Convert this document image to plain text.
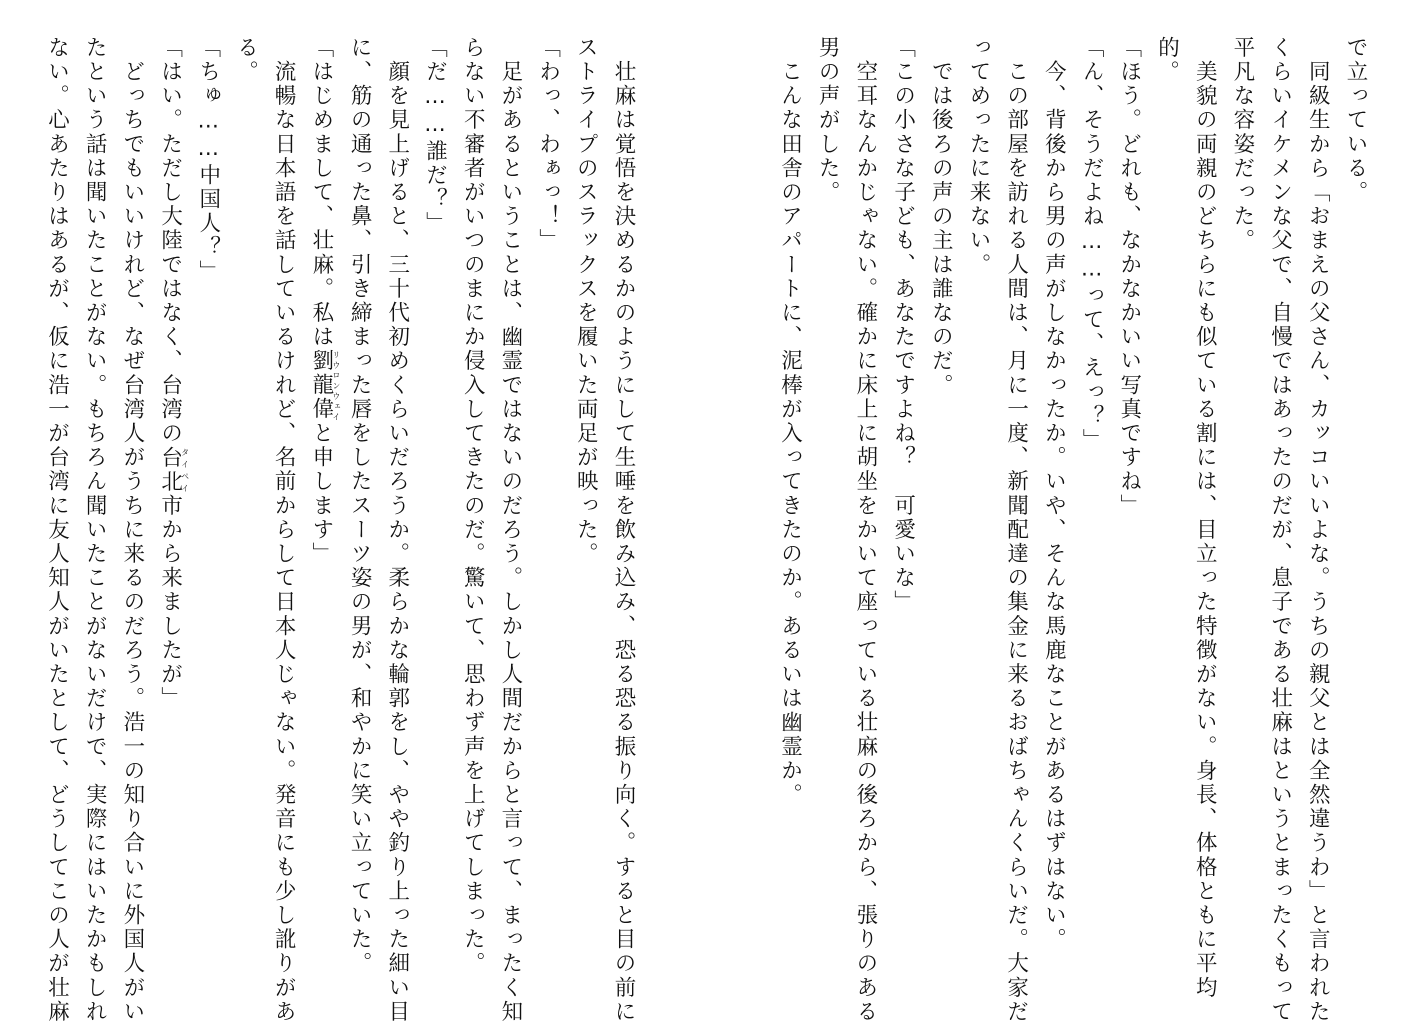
で立っている。
　同級生から「おまえの父さん、カッコいいよな。うちの親父とは全然違うわ」と言われた
くらいイケメンな父で、自慢ではあったのだが、息子である壮麻はというとまったくもって
平凡な容姿だった。
　美貌の両親のどちらにも似ている割には、目立った特徴がない。身長、体格ともに平均
的。
「ほう。どれも、なかなかいい写真ですね」
「ん、そうだよね……って、えっ？」
　今、背後から男の声がしなかったか。いや、そんな馬鹿なことがあるはずはない。
　この部屋を訪れる人間は、月に一度、新聞配達の集金に来るおばちゃんくらいだ。大家だ
ってめったに来ない。
　では後ろの声の主は誰なのだ。
「この小さな子ども、あなたですよね？　可愛いな」
　空耳なんかじゃない。確かに床上に胡坐をかいて座っている壮麻の後ろから、張りのある
男の声がした。
　こんな田舎のアパートに、泥棒が入ってきたのか。あるいは幽霊か。
　壮麻は覚悟を決めるかのようにして生唾を飲み込み、恐る恐る振り向く。すると目の前に
ストライプのスラックスを履いた両足が映った。
「わっ、わぁっ！」
　足があるということは、幽霊ではないのだろう。しかし人間だからと言って、まったく知
らない不審者がいつのまにか侵入してきたのだ。驚いて、思わず声を上げてしまった。
「だ……誰だ？」
　顔を見上げると、三十代初めくらいだろうか。柔らかな輪郭をし、やや釣り上った細い目
に、筋の通った鼻、引き締まった唇をしたスーツ姿の男が、和やかに笑い立っていた。
「はじめまして、壮麻。私は劉龍偉リウロンウェイと申します」
　流暢な日本語を話しているけれど、名前からして日本人じゃない。発音にも少し訛りがあ
る。
「ちゅ……中国人？」
「はい。ただし大陸ではなく、台湾の台北タイペイ市から来ましたが」
　どっちでもいいけれど、なぜ台湾人がうちに来るのだろう。浩一の知り合いに外国人がい
たという話は聞いたことがない。もちろん聞いたことがないだけで、実際にはいたかもしれ
ない。心あたりはあるが、仮に浩一が台湾に友人知人がいたとして、どうしてこの人が壮麻
